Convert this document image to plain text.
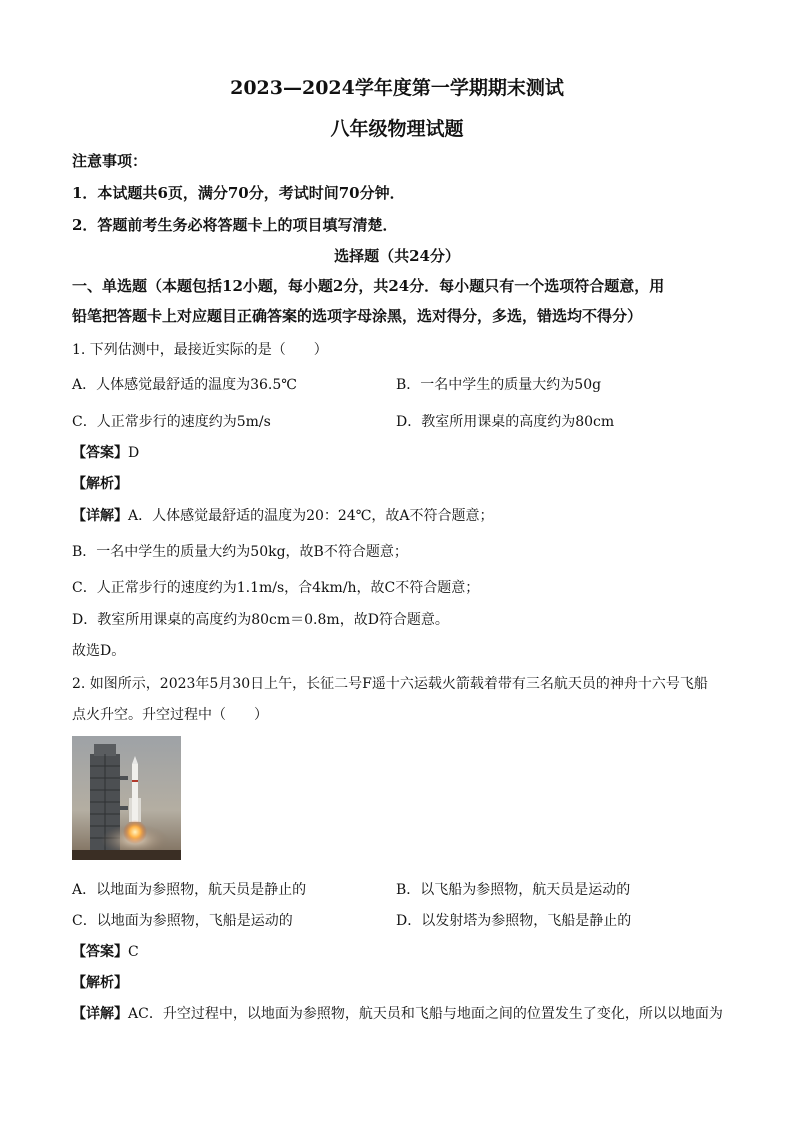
2023—2024学年度第一学期期末测试
八年级物理试题
注意事项：
1．本试题共6页，满分70分，考试时间70分钟．
2．答题前考生务必将答题卡上的项目填写清楚．
选择题（共24分）
一、单选题（本题包括12小题，每小题2分，共24分．每小题只有一个选项符合题意，用
铅笔把答题卡上对应题目正确答案的选项字母涂黑，选对得分，多选，错选均不得分）
1. 下列估测中，最接近实际的是（　　）
A．人体感觉最舒适的温度为36.5℃	B．一名中学生的质量大约为50g
C．人正常步行的速度约为5m/s	D．教室所用课桌的高度约为80cm
【答案】D
【解析】
【详解】A．人体感觉最舒适的温度为20：24℃，故A不符合题意；
B．一名中学生的质量大约为50kg，故B不符合题意；
C．人正常步行的速度约为1.1m/s，合4km/h，故C不符合题意；
D．教室所用课桌的高度约为80cm＝0.8m，故D符合题意。
故选D。
2. 如图所示，2023年5月30日上午，长征二号F遥十六运载火箭载着带有三名航天员的神舟十六号飞船
点火升空。升空过程中（　　）
A．以地面为参照物，航天员是静止的	B．以飞船为参照物，航天员是运动的
C．以地面为参照物，飞船是运动的	D．以发射塔为参照物，飞船是静止的
【答案】C
【解析】
【详解】AC．升空过程中，以地面为参照物，航天员和飞船与地面之间的位置发生了变化，所以以地面为
